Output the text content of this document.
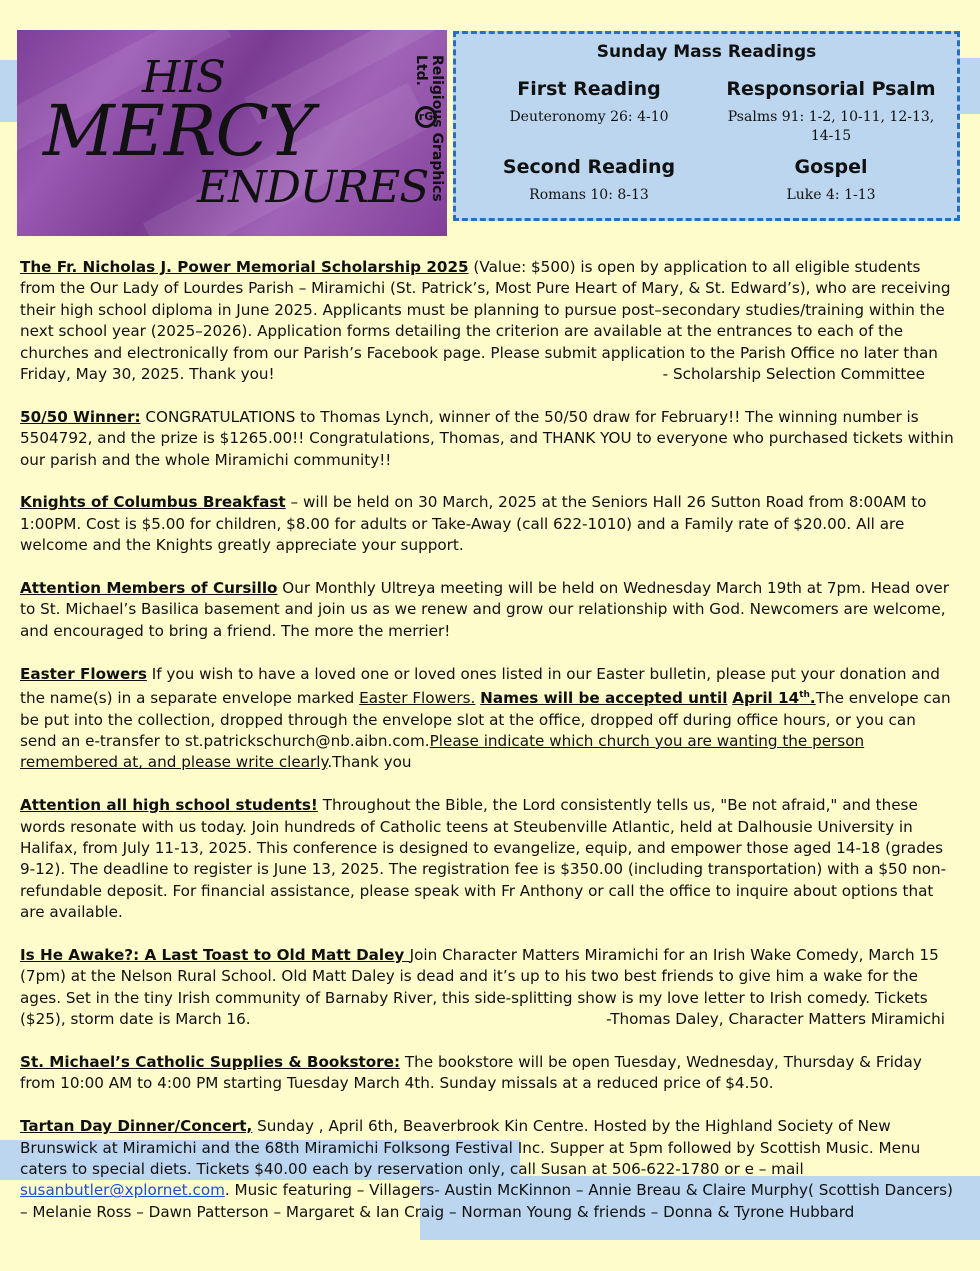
HIS
MERCY
ENDURES
rG
Religious Graphics Ltd.
Sunday Mass Readings
First Reading
Deuteronomy 26: 4-10
Responsorial Psalm
Psalms 91: 1-2, 10-11, 12-13, 14-15
Second Reading
Romans 10: 8-13
Gospel
Luke 4: 1-13

The Fr. Nicholas J. Power Memorial Scholarship 2025 (Value: $500) is open by application to all eligible students from the Our Lady of Lourdes Parish – Miramichi (St. Patrick’s, Most Pure Heart of Mary, & St. Edward’s), who are receiving their high school diploma in June 2025. Applicants must be planning to pursue post–secondary studies/training within the next school year (2025–2026). Application forms detailing the criterion are available at the entrances to each of the churches and electronically from our Parish’s Facebook page. Please submit application to the Parish Office no later than Friday, May 30, 2025. Thank you!	- Scholarship Selection Committee

50/50 Winner: CONGRATULATIONS to Thomas Lynch, winner of the 50/50 draw for February!! The winning number is 5504792, and the prize is $1265.00!! Congratulations, Thomas, and THANK YOU to everyone who purchased tickets within our parish and the whole Miramichi community!!

Knights of Columbus Breakfast – will be held on 30 March, 2025 at the Seniors Hall 26 Sutton Road from 8:00AM to 1:00PM. Cost is $5.00 for children, $8.00 for adults or Take-Away (call 622-1010) and a Family rate of $20.00. All are welcome and the Knights greatly appreciate your support.

Attention Members of Cursillo Our Monthly Ultreya meeting will be held on Wednesday March 19th at 7pm. Head over to St. Michael’s Basilica basement and join us as we renew and grow our relationship with God. Newcomers are welcome, and encouraged to bring a friend. The more the merrier!

Easter Flowers If you wish to have a loved one or loved ones listed in our Easter bulletin, please put your donation and the name(s) in a separate envelope marked Easter Flowers. Names will be accepted until April 14th.The envelope can be put into the collection, dropped through the envelope slot at the office, dropped off during office hours, or you can send an e-transfer to st.patrickschurch@nb.aibn.com.Please indicate which church you are wanting the person remembered at, and please write clearly.Thank you

Attention all high school students! Throughout the Bible, the Lord consistently tells us, "Be not afraid," and these words resonate with us today. Join hundreds of Catholic teens at Steubenville Atlantic, held at Dalhousie University in Halifax, from July 11-13, 2025. This conference is designed to evangelize, equip, and empower those aged 14-18 (grades 9-12). The deadline to register is June 13, 2025. The registration fee is $350.00 (including transportation) with a $50 non-refundable deposit. For financial assistance, please speak with Fr Anthony or call the office to inquire about options that are available.

Is He Awake?: A Last Toast to Old Matt Daley Join Character Matters Miramichi for an Irish Wake Comedy, March 15 (7pm) at the Nelson Rural School. Old Matt Daley is dead and it’s up to his two best friends to give him a wake for the ages. Set in the tiny Irish community of Barnaby River, this side-splitting show is my love letter to Irish comedy. Tickets ($25), storm date is March 16.	-Thomas Daley, Character Matters Miramichi

St. Michael’s Catholic Supplies & Bookstore: The bookstore will be open Tuesday, Wednesday, Thursday & Friday from 10:00 AM to 4:00 PM starting Tuesday March 4th. Sunday missals at a reduced price of $4.50.

Tartan Day Dinner/Concert, Sunday , April 6th, Beaverbrook Kin Centre. Hosted by the Highland Society of New Brunswick at Miramichi and the 68th Miramichi Folksong Festival Inc. Supper at 5pm followed by Scottish Music. Menu caters to special diets. Tickets $40.00 each by reservation only, call Susan at 506-622-1780 or e – mail susanbutler@xplornet.com. Music featuring – Villagers- Austin McKinnon – Annie Breau & Claire Murphy( Scottish Dancers) – Melanie Ross – Dawn Patterson – Margaret & Ian Craig – Norman Young & friends – Donna & Tyrone Hubbard
